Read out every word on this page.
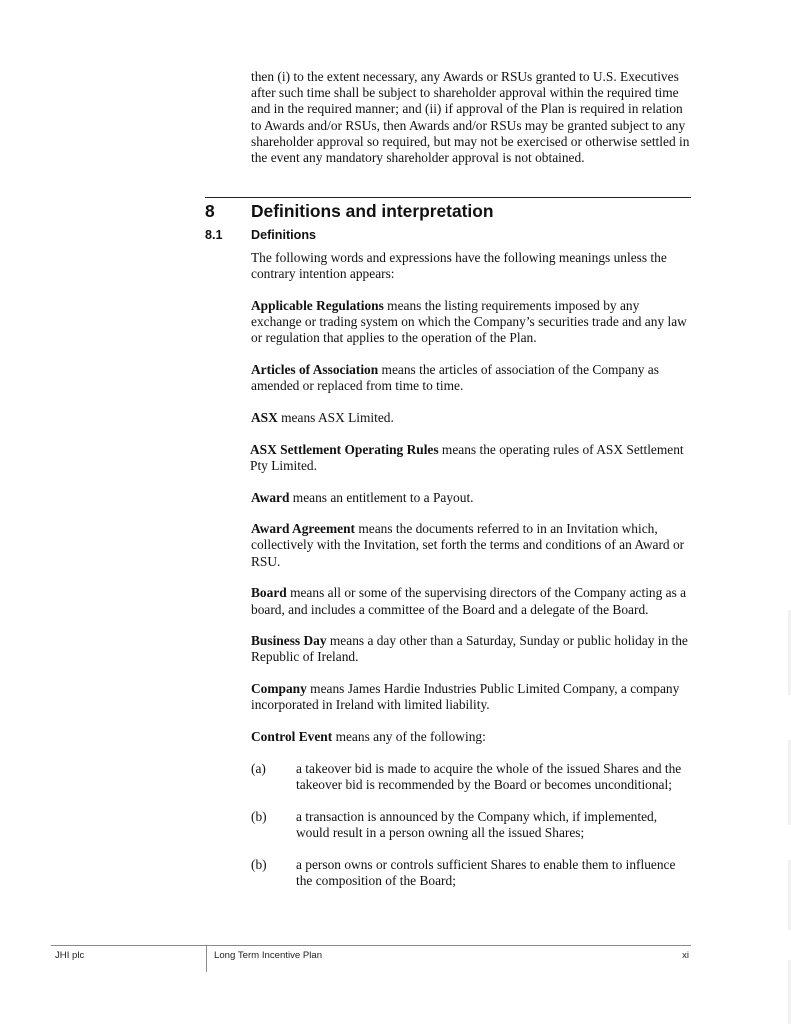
then (i) to the extent necessary, any Awards or RSUs granted to U.S. Executives after such time shall be subject to shareholder approval within the required time and in the required manner; and (ii) if approval of the Plan is required in relation to Awards and/or RSUs, then Awards and/or RSUs may be granted subject to any shareholder approval so required, but may not be exercised or otherwise settled in the event any mandatory shareholder approval is not obtained.

8 Definitions and interpretation
8.1 Definitions

The following words and expressions have the following meanings unless the contrary intention appears:

Applicable Regulations means the listing requirements imposed by any exchange or trading system on which the Company’s securities trade and any law or regulation that applies to the operation of the Plan.

Articles of Association means the articles of association of the Company as amended or replaced from time to time.

ASX means ASX Limited.

ASX Settlement Operating Rules means the operating rules of ASX Settlement Pty Limited.

Award means an entitlement to a Payout.

Award Agreement means the documents referred to in an Invitation which, collectively with the Invitation, set forth the terms and conditions of an Award or RSU.

Board means all or some of the supervising directors of the Company acting as a board, and includes a committee of the Board and a delegate of the Board.

Business Day means a day other than a Saturday, Sunday or public holiday in the Republic of Ireland.

Company means James Hardie Industries Public Limited Company, a company incorporated in Ireland with limited liability.

Control Event means any of the following:

(a)	a takeover bid is made to acquire the whole of the issued Shares and the takeover bid is recommended by the Board or becomes unconditional;
(b)	a transaction is announced by the Company which, if implemented, would result in a person owning all the issued Shares;
(b)	a person owns or controls sufficient Shares to enable them to influence the composition of the Board;
JHI plc	Long Term Incentive Plan	xi
